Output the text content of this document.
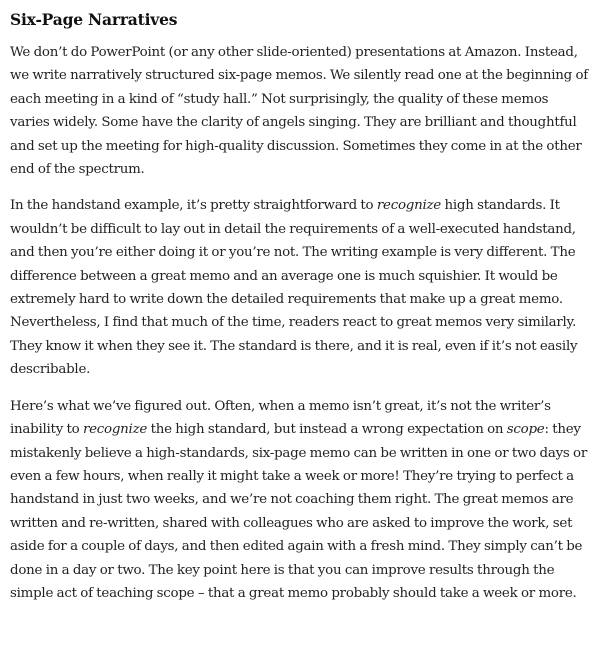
Six-Page Narratives

We don’t do PowerPoint (or any other slide-oriented) presentations at Amazon. Instead, we write narratively structured six-page memos. We silently read one at the beginning of each meeting in a kind of “study hall.” Not surprisingly, the quality of these memos varies widely. Some have the clarity of angels singing. They are brilliant and thoughtful and set up the meeting for high-quality discussion. Sometimes they come in at the other end of the spectrum.

In the handstand example, it’s pretty straightforward to recognize high standards. It wouldn’t be difficult to lay out in detail the requirements of a well-executed handstand, and then you’re either doing it or you’re not. The writing example is very different. The difference between a great memo and an average one is much squishier. It would be extremely hard to write down the detailed requirements that make up a great memo. Nevertheless, I find that much of the time, readers react to great memos very similarly. They know it when they see it. The standard is there, and it is real, even if it’s not easily describable.

Here’s what we’ve figured out. Often, when a memo isn’t great, it’s not the writer’s inability to recognize the high standard, but instead a wrong expectation on scope: they mistakenly believe a high-standards, six-page memo can be written in one or two days or even a few hours, when really it might take a week or more! They’re trying to perfect a handstand in just two weeks, and we’re not coaching them right. The great memos are written and re-written, shared with colleagues who are asked to improve the work, set aside for a couple of days, and then edited again with a fresh mind. They simply can’t be done in a day or two. The key point here is that you can improve results through the simple act of teaching scope – that a great memo probably should take a week or more.
